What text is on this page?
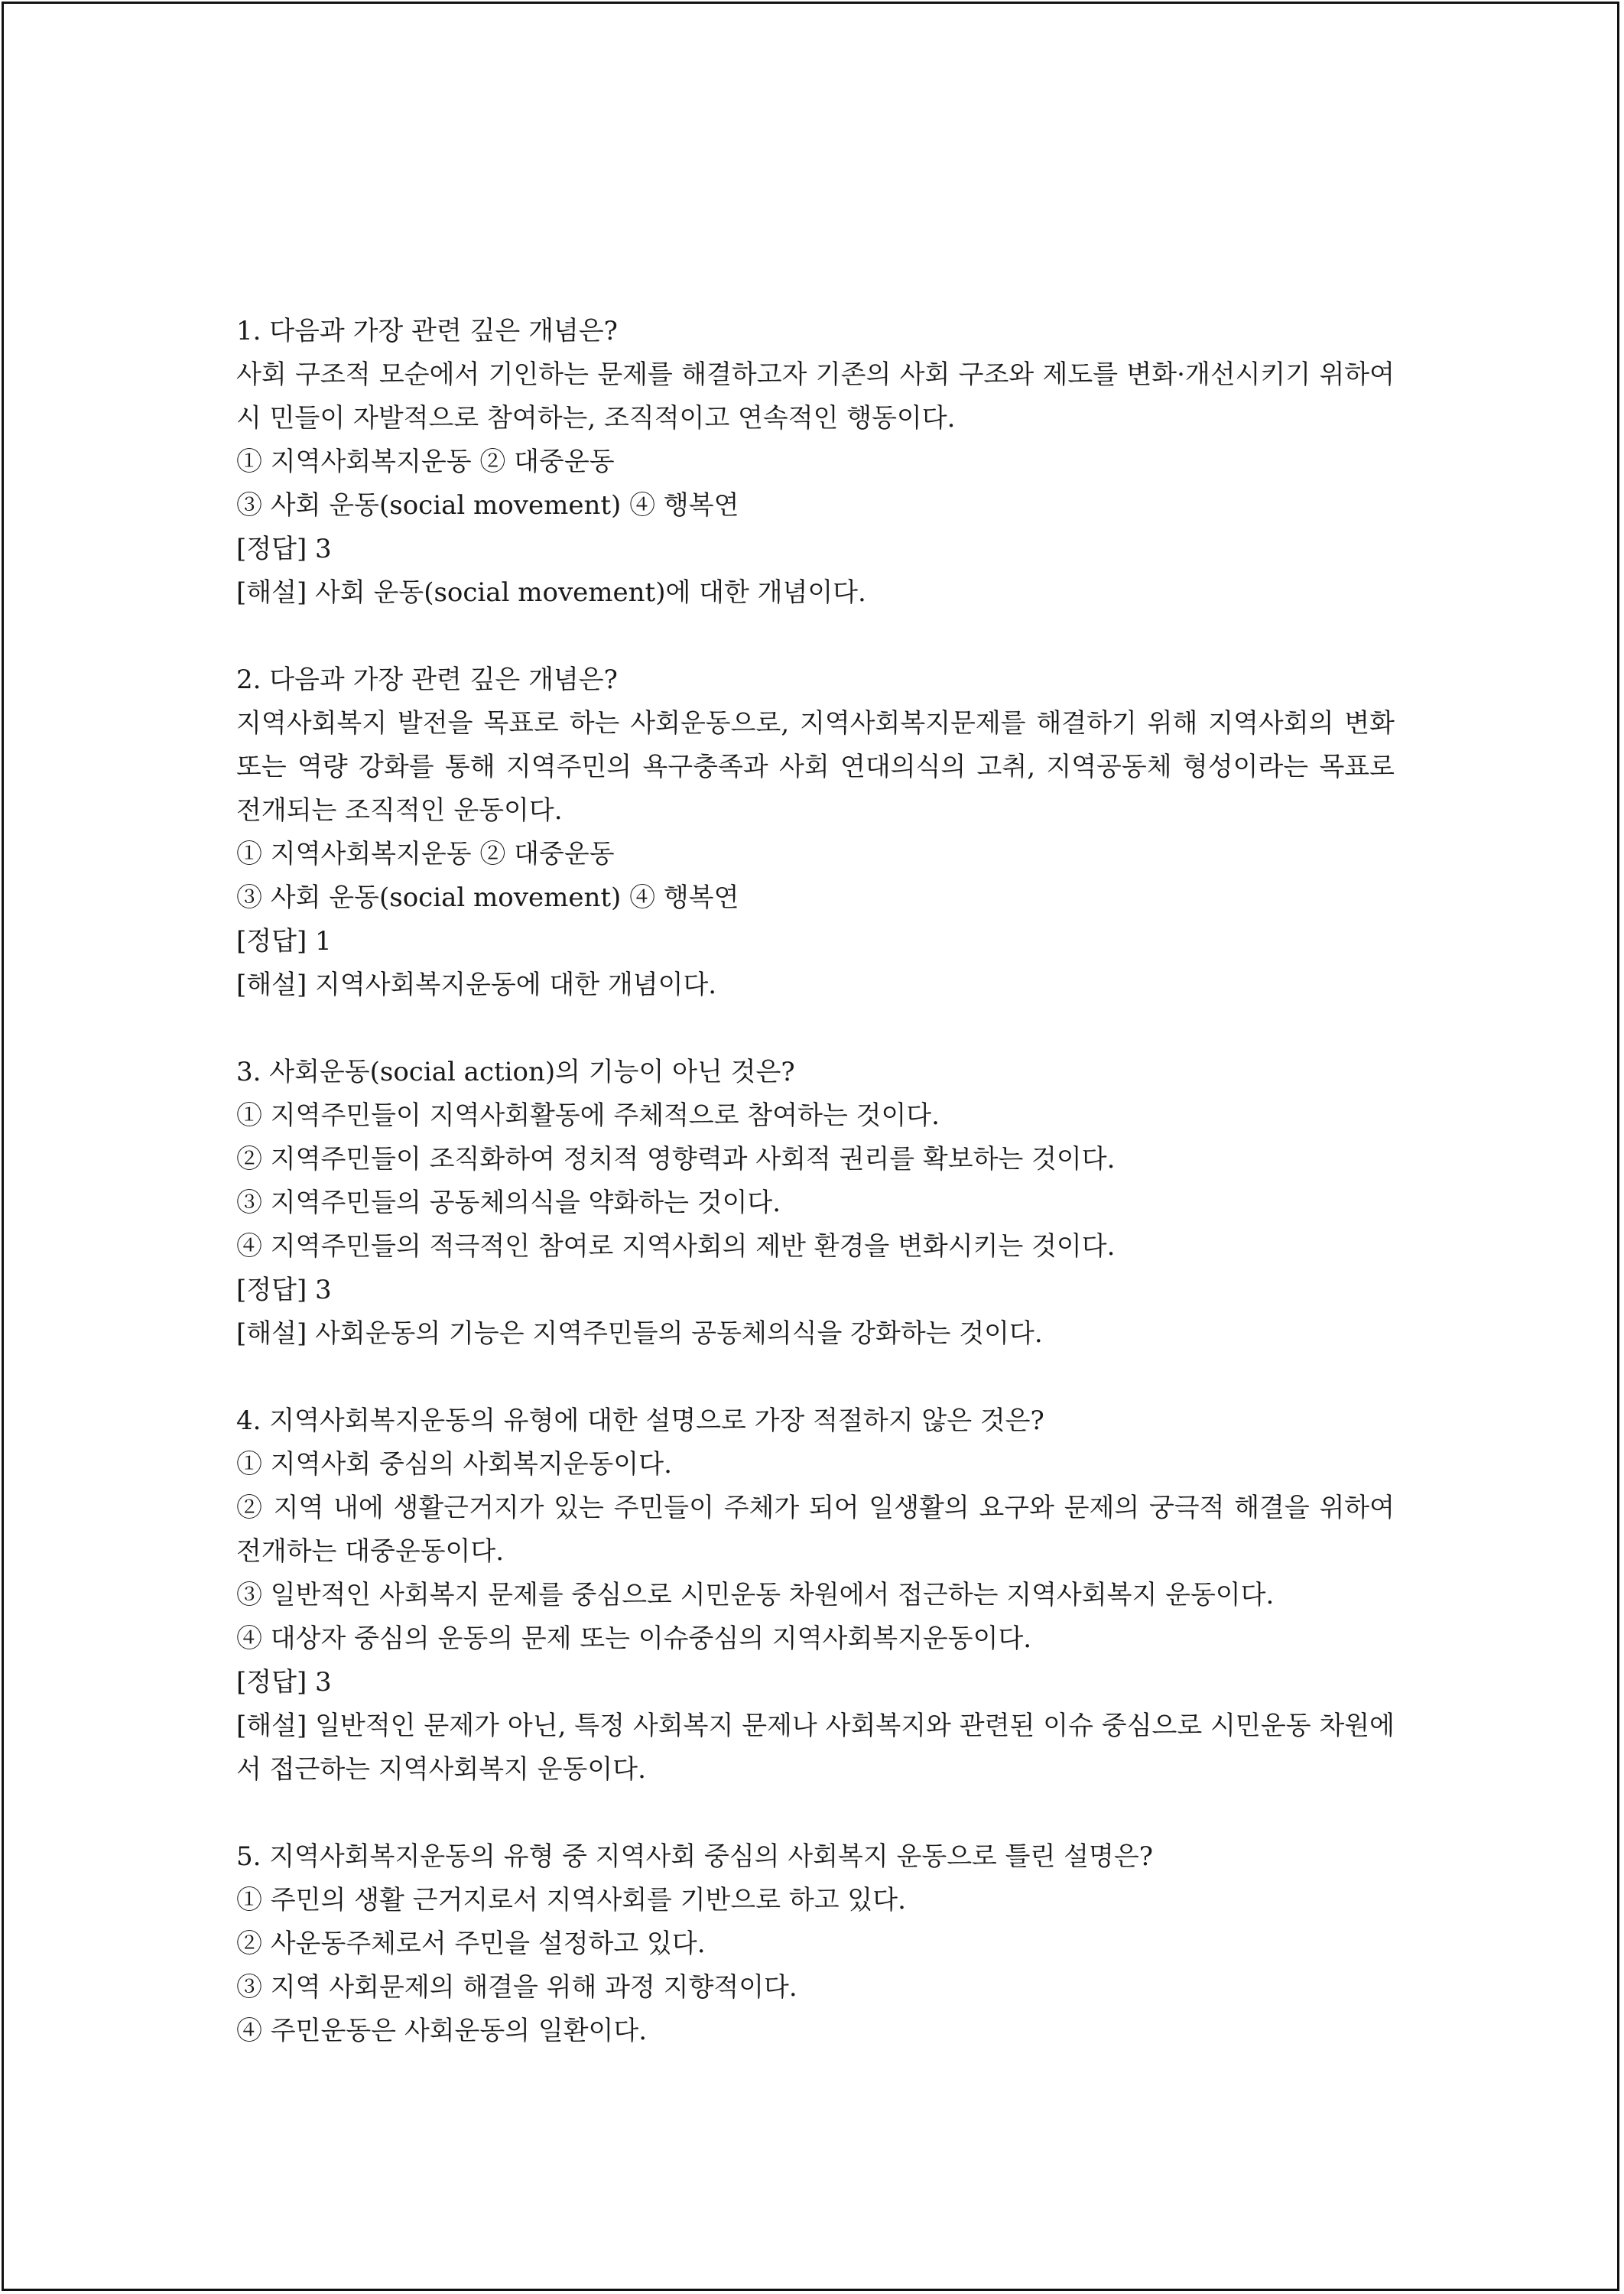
1. 다음과 가장 관련 깊은 개념은?

사회 구조적 모순에서 기인하는 문제를 해결하고자 기존의 사회 구조와 제도를 변화·개선시키기 위하여 시 민들이 자발적으로 참여하는, 조직적이고 연속적인 행동이다.

① 지역사회복지운동 ② 대중운동

③ 사회 운동(social movement) ④ 행복연

[정답] 3

[해설] 사회 운동(social movement)에 대한 개념이다.

2. 다음과 가장 관련 깊은 개념은?

지역사회복지 발전을 목표로 하는 사회운동으로, 지역사회복지문제를 해결하기 위해 지역사회의 변화 또는 역량 강화를 통해 지역주민의 욕구충족과 사회 연대의식의 고취, 지역공동체 형성이라는 목표로 전개되는 조직적인 운동이다.

① 지역사회복지운동 ② 대중운동

③ 사회 운동(social movement) ④ 행복연

[정답] 1

[해설] 지역사회복지운동에 대한 개념이다.

3. 사회운동(social action)의 기능이 아닌 것은?

① 지역주민들이 지역사회활동에 주체적으로 참여하는 것이다.

② 지역주민들이 조직화하여 정치적 영향력과 사회적 권리를 확보하는 것이다.

③ 지역주민들의 공동체의식을 약화하는 것이다.

④ 지역주민들의 적극적인 참여로 지역사회의 제반 환경을 변화시키는 것이다.

[정답] 3

[해설] 사회운동의 기능은 지역주민들의 공동체의식을 강화하는 것이다.

4. 지역사회복지운동의 유형에 대한 설명으로 가장 적절하지 않은 것은?

① 지역사회 중심의 사회복지운동이다.

② 지역 내에 생활근거지가 있는 주민들이 주체가 되어 일생활의 요구와 문제의 궁극적 해결을 위하여 전개하는 대중운동이다.

③ 일반적인 사회복지 문제를 중심으로 시민운동 차원에서 접근하는 지역사회복지 운동이다.

④ 대상자 중심의 운동의 문제 또는 이슈중심의 지역사회복지운동이다.

[정답] 3

[해설] 일반적인 문제가 아닌, 특정 사회복지 문제나 사회복지와 관련된 이슈 중심으로 시민운동 차원에서 접근하는 지역사회복지 운동이다.

5. 지역사회복지운동의 유형 중 지역사회 중심의 사회복지 운동으로 틀린 설명은?

① 주민의 생활 근거지로서 지역사회를 기반으로 하고 있다.

② 사운동주체로서 주민을 설정하고 있다.

③ 지역 사회문제의 해결을 위해 과정 지향적이다.

④ 주민운동은 사회운동의 일환이다.
